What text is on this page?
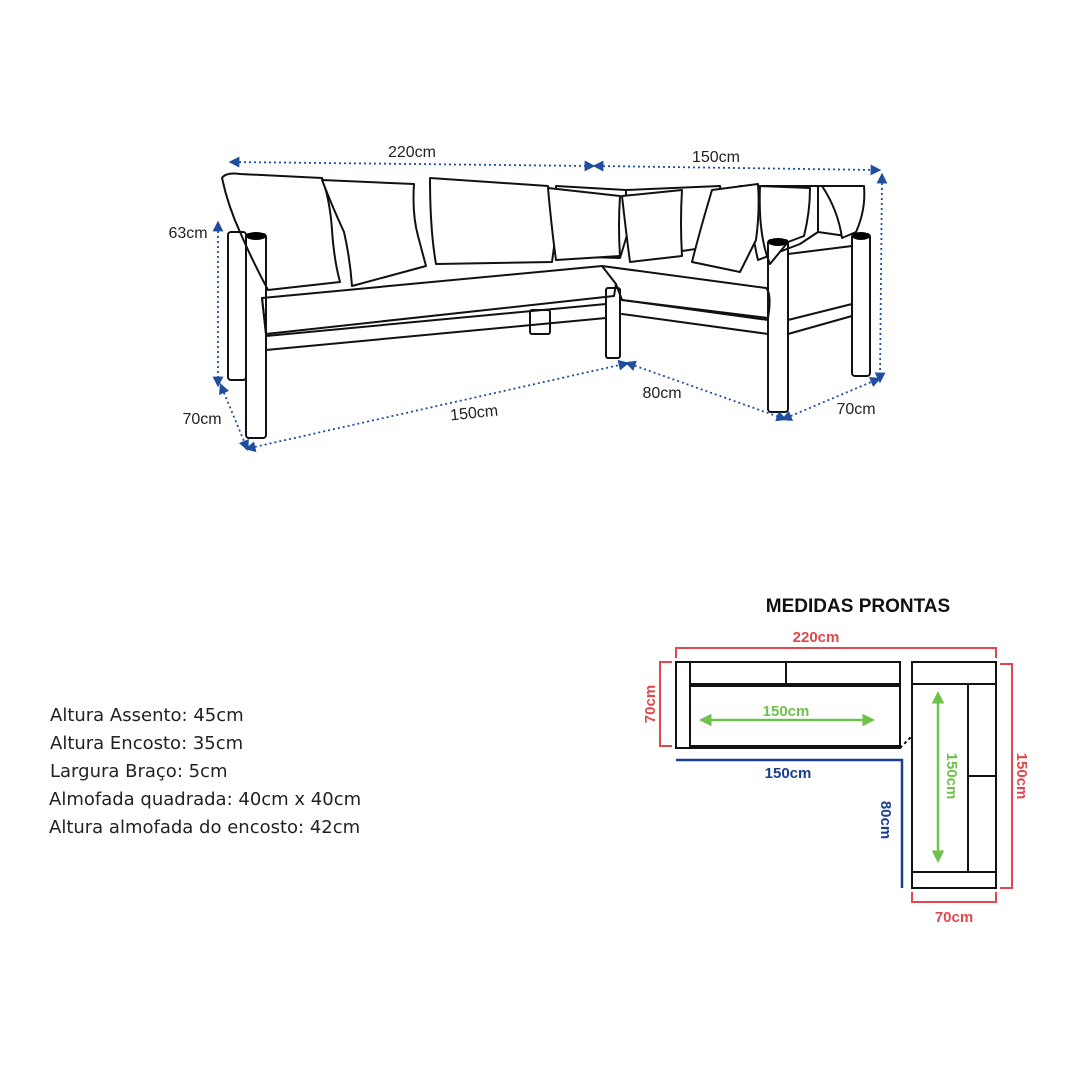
220cm	150cm
63cm
70cm	150cm
80cm
70cm
MEDIDAS PRONTAS
220cm
70cm	150cm
150cm	150cm
150cm
80cm
70cm
Altura Assento: 45cm
Altura Encosto: 35cm
Largura Braço: 5cm
Almofada quadrada: 40cm x 40cm
Altura almofada do encosto: 42cm
